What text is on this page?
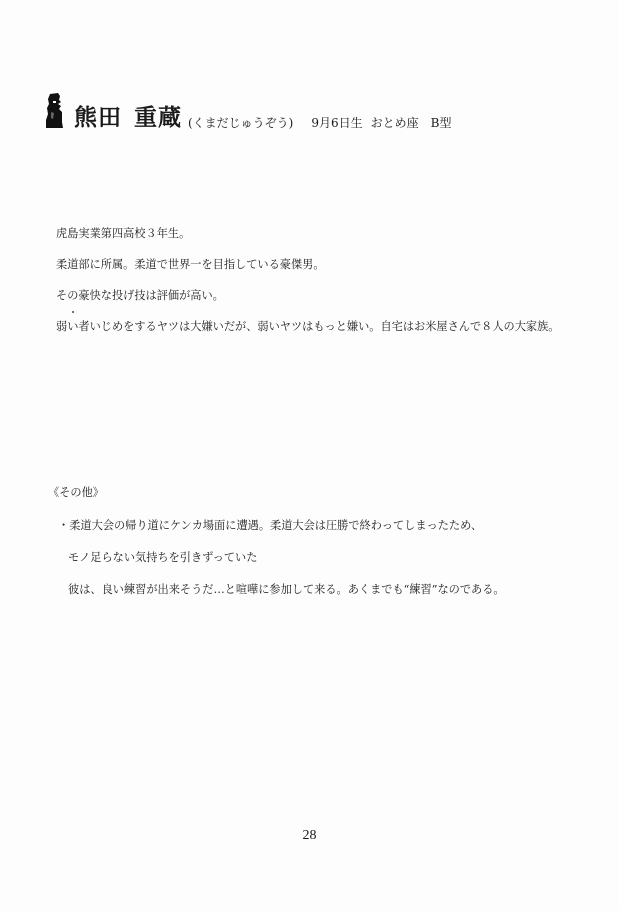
熊田 重蔵 (くまだじゅうぞう) 9月6日生 おとめ座 B型

虎島実業第四高校３年生。

柔道部に所属。柔道で世界一を目指している豪傑男。

その豪快な投げ技は評価が高い。

弱い者いじめをするヤツは大嫌いだが、弱いヤツはもっと嫌い。自宅はお米屋さんで８人の大家族。

《その他》

・柔道大会の帰り道にケンカ場面に遭遇。柔道大会は圧勝で終わってしまったため、

モノ足らない気持ちを引きずっていた

彼は、良い練習が出来そうだ…と喧嘩に参加して来る。あくまでも“練習”なのである。

28
